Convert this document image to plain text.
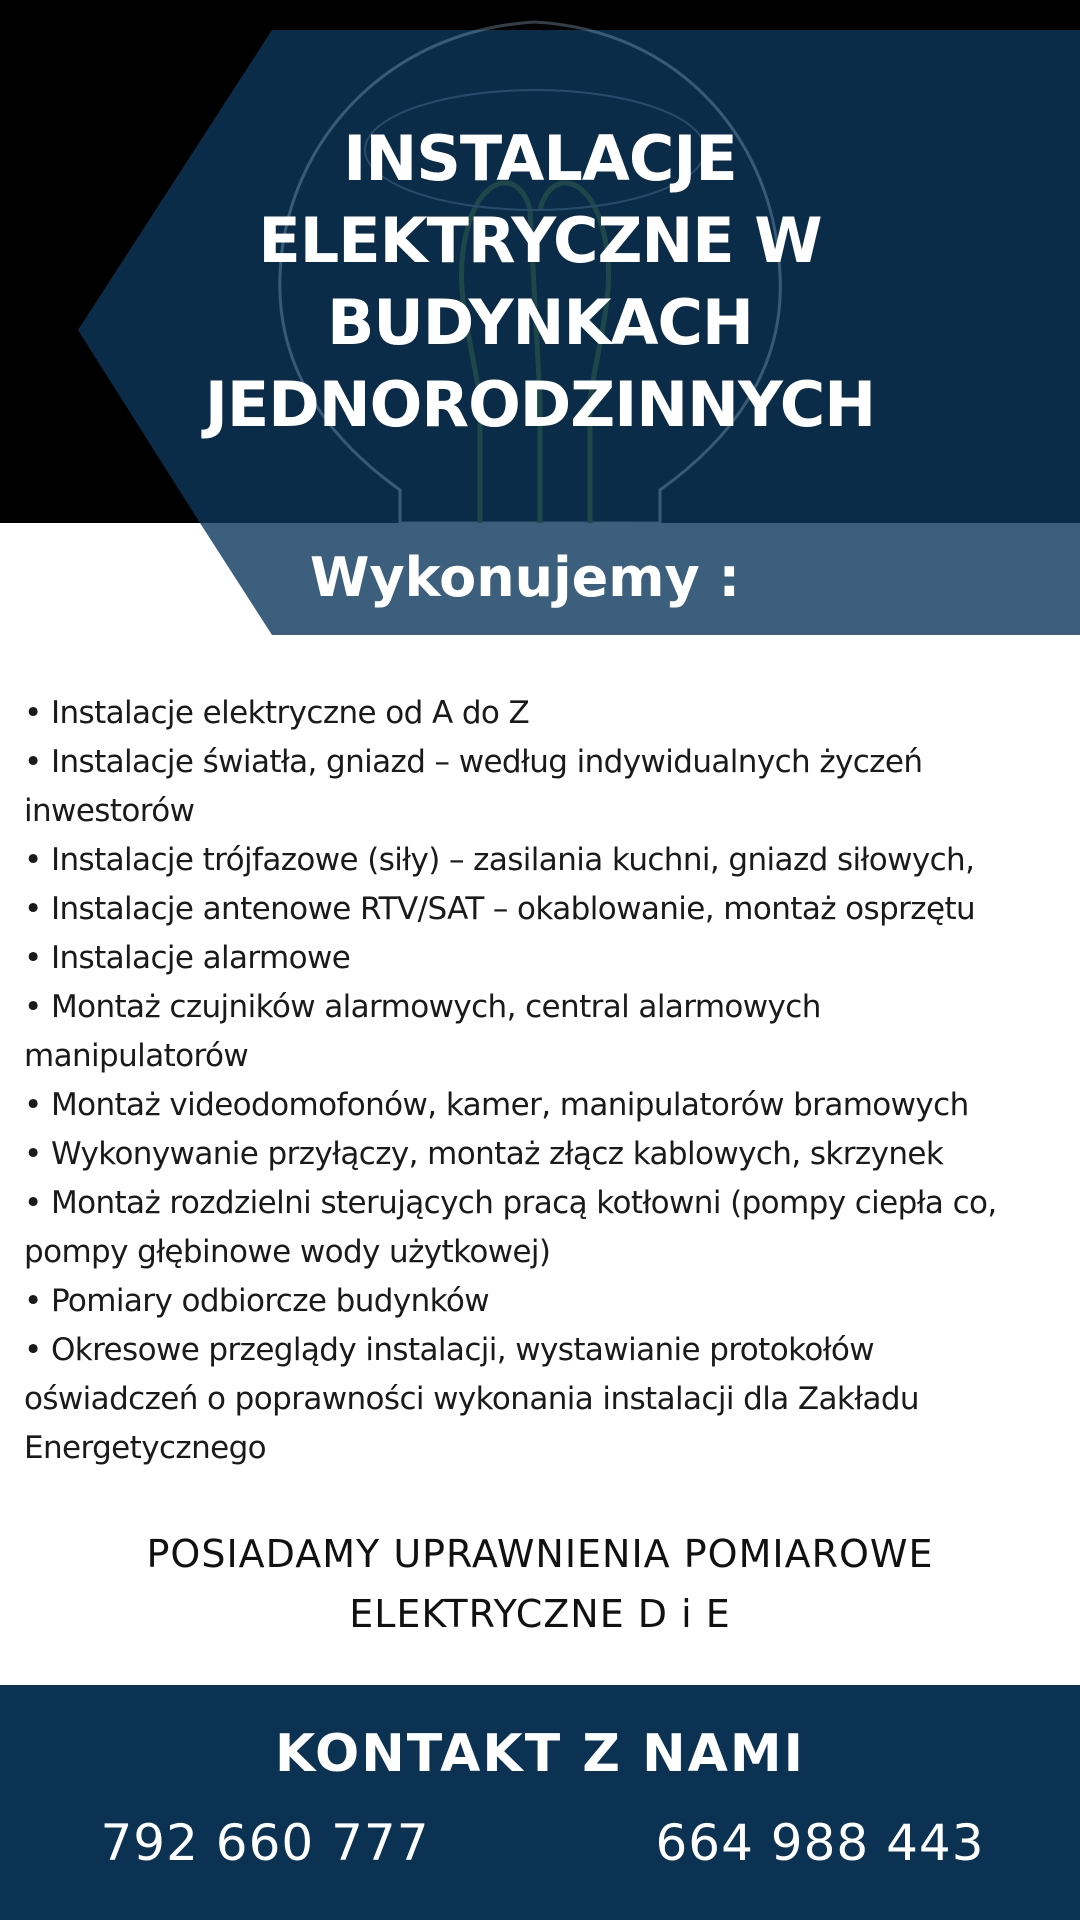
INSTALACJE
ELEKTRYCZNE W
BUDYNKACH
JEDNORODZINNYCH
Wykonujemy :
• Instalacje elektryczne od A do Z
• Instalacje światła, gniazd – według indywidualnych życzeń
inwestorów
• Instalacje trójfazowe (siły) – zasilania kuchni, gniazd siłowych,
• Instalacje antenowe RTV/SAT – okablowanie, montaż osprzętu
• Instalacje alarmowe
• Montaż czujników alarmowych, central alarmowych
manipulatorów
• Montaż videodomofonów, kamer, manipulatorów bramowych
• Wykonywanie przyłączy, montaż złącz kablowych, skrzynek
• Montaż rozdzielni sterujących pracą kotłowni (pompy ciepła co,
pompy głębinowe wody użytkowej)
• Pomiary odbiorcze budynków
• Okresowe przeglądy instalacji, wystawianie protokołów
oświadczeń o poprawności wykonania instalacji dla Zakładu
Energetycznego

POSIADAMY UPRAWNIENIA POMIAROWE
ELEKTRYCZNE D i E

KONTAKT Z NAMI
792 660 777	664 988 443
